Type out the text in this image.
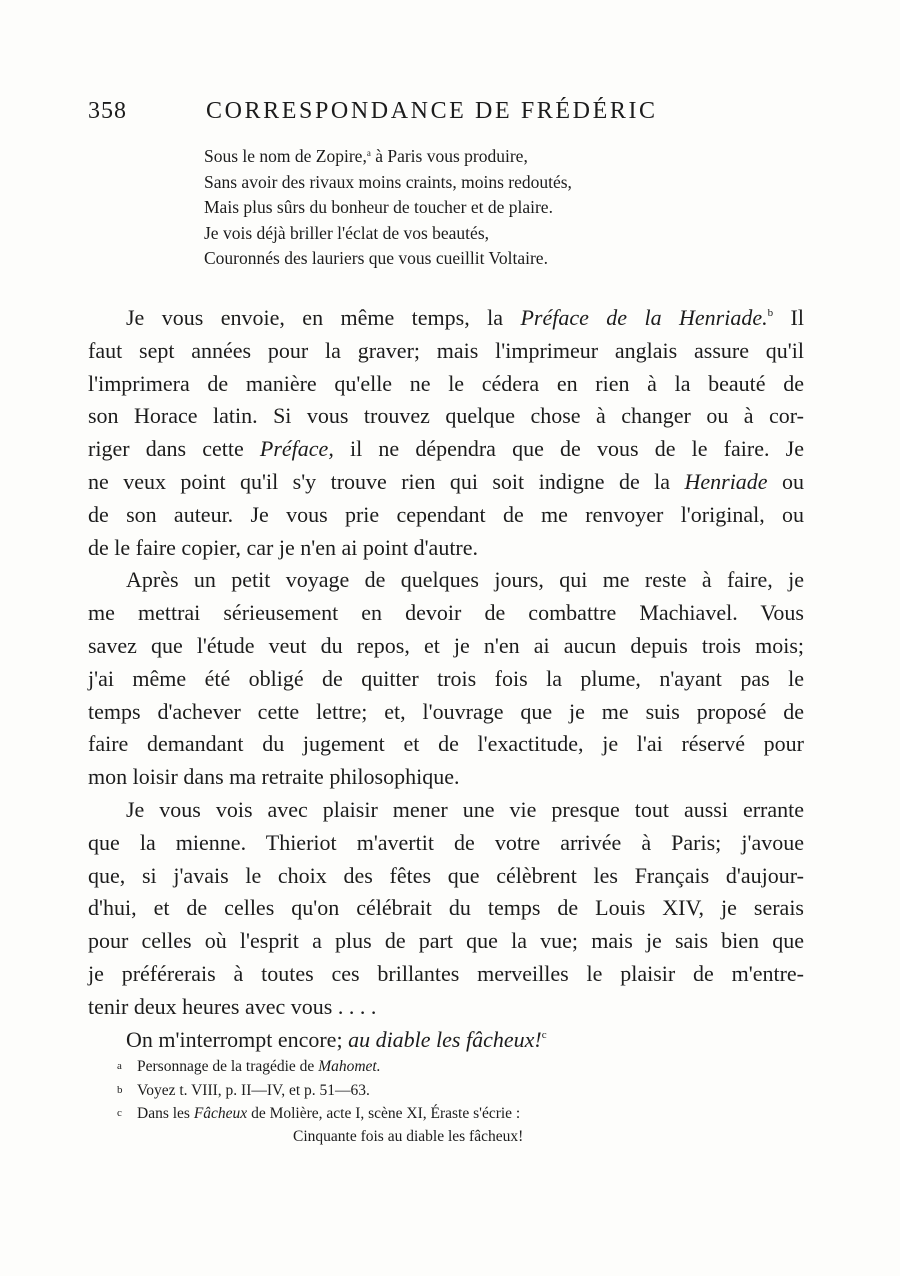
358	CORRESPONDANCE DE FRÉDÉRIC
Sous le nom de Zopire,$^a$ à Paris vous produire,
Sans avoir des rivaux moins craints, moins redoutés,
Mais plus sûrs du bonheur de toucher et de plaire.
Je vois déjà briller l'éclat de vos beautés,
Couronnés des lauriers que vous cueillit Voltaire.
Je vous envoie, en même temps, la Préface de la Henriade.$^b$ Il
faut sept années pour la graver; mais l'imprimeur anglais assure qu'il
l'imprimera de manière qu'elle ne le cédera en rien à la beauté de
son Horace latin. Si vous trouvez quelque chose à changer ou à cor-
riger dans cette Préface, il ne dépendra que de vous de le faire. Je
ne veux point qu'il s'y trouve rien qui soit indigne de la Henriade ou
de son auteur. Je vous prie cependant de me renvoyer l'original, ou
de le faire copier, car je n'en ai point d'autre.
Après un petit voyage de quelques jours, qui me reste à faire, je
me mettrai sérieusement en devoir de combattre Machiavel. Vous
savez que l'étude veut du repos, et je n'en ai aucun depuis trois mois;
j'ai même été obligé de quitter trois fois la plume, n'ayant pas le
temps d'achever cette lettre; et, l'ouvrage que je me suis proposé de
faire demandant du jugement et de l'exactitude, je l'ai réservé pour
mon loisir dans ma retraite philosophique.
Je vous vois avec plaisir mener une vie presque tout aussi errante
que la mienne. Thieriot m'avertit de votre arrivée à Paris; j'avoue
que, si j'avais le choix des fêtes que célèbrent les Français d'aujour-
d'hui, et de celles qu'on célébrait du temps de Louis XIV, je serais
pour celles où l'esprit a plus de part que la vue; mais je sais bien que
je préférerais à toutes ces brillantes merveilles le plaisir de m'entre-
tenir deux heures avec vous . . . .
On m'interrompt encore; au diable les fâcheux!$^c$
a Personnage de la tragédie de Mahomet.
b Voyez t. VIII, p. II—IV, et p. 51—63.
c Dans les Fâcheux de Molière, acte I, scène XI, Éraste s'écrie :
Cinquante fois au diable les fâcheux!
